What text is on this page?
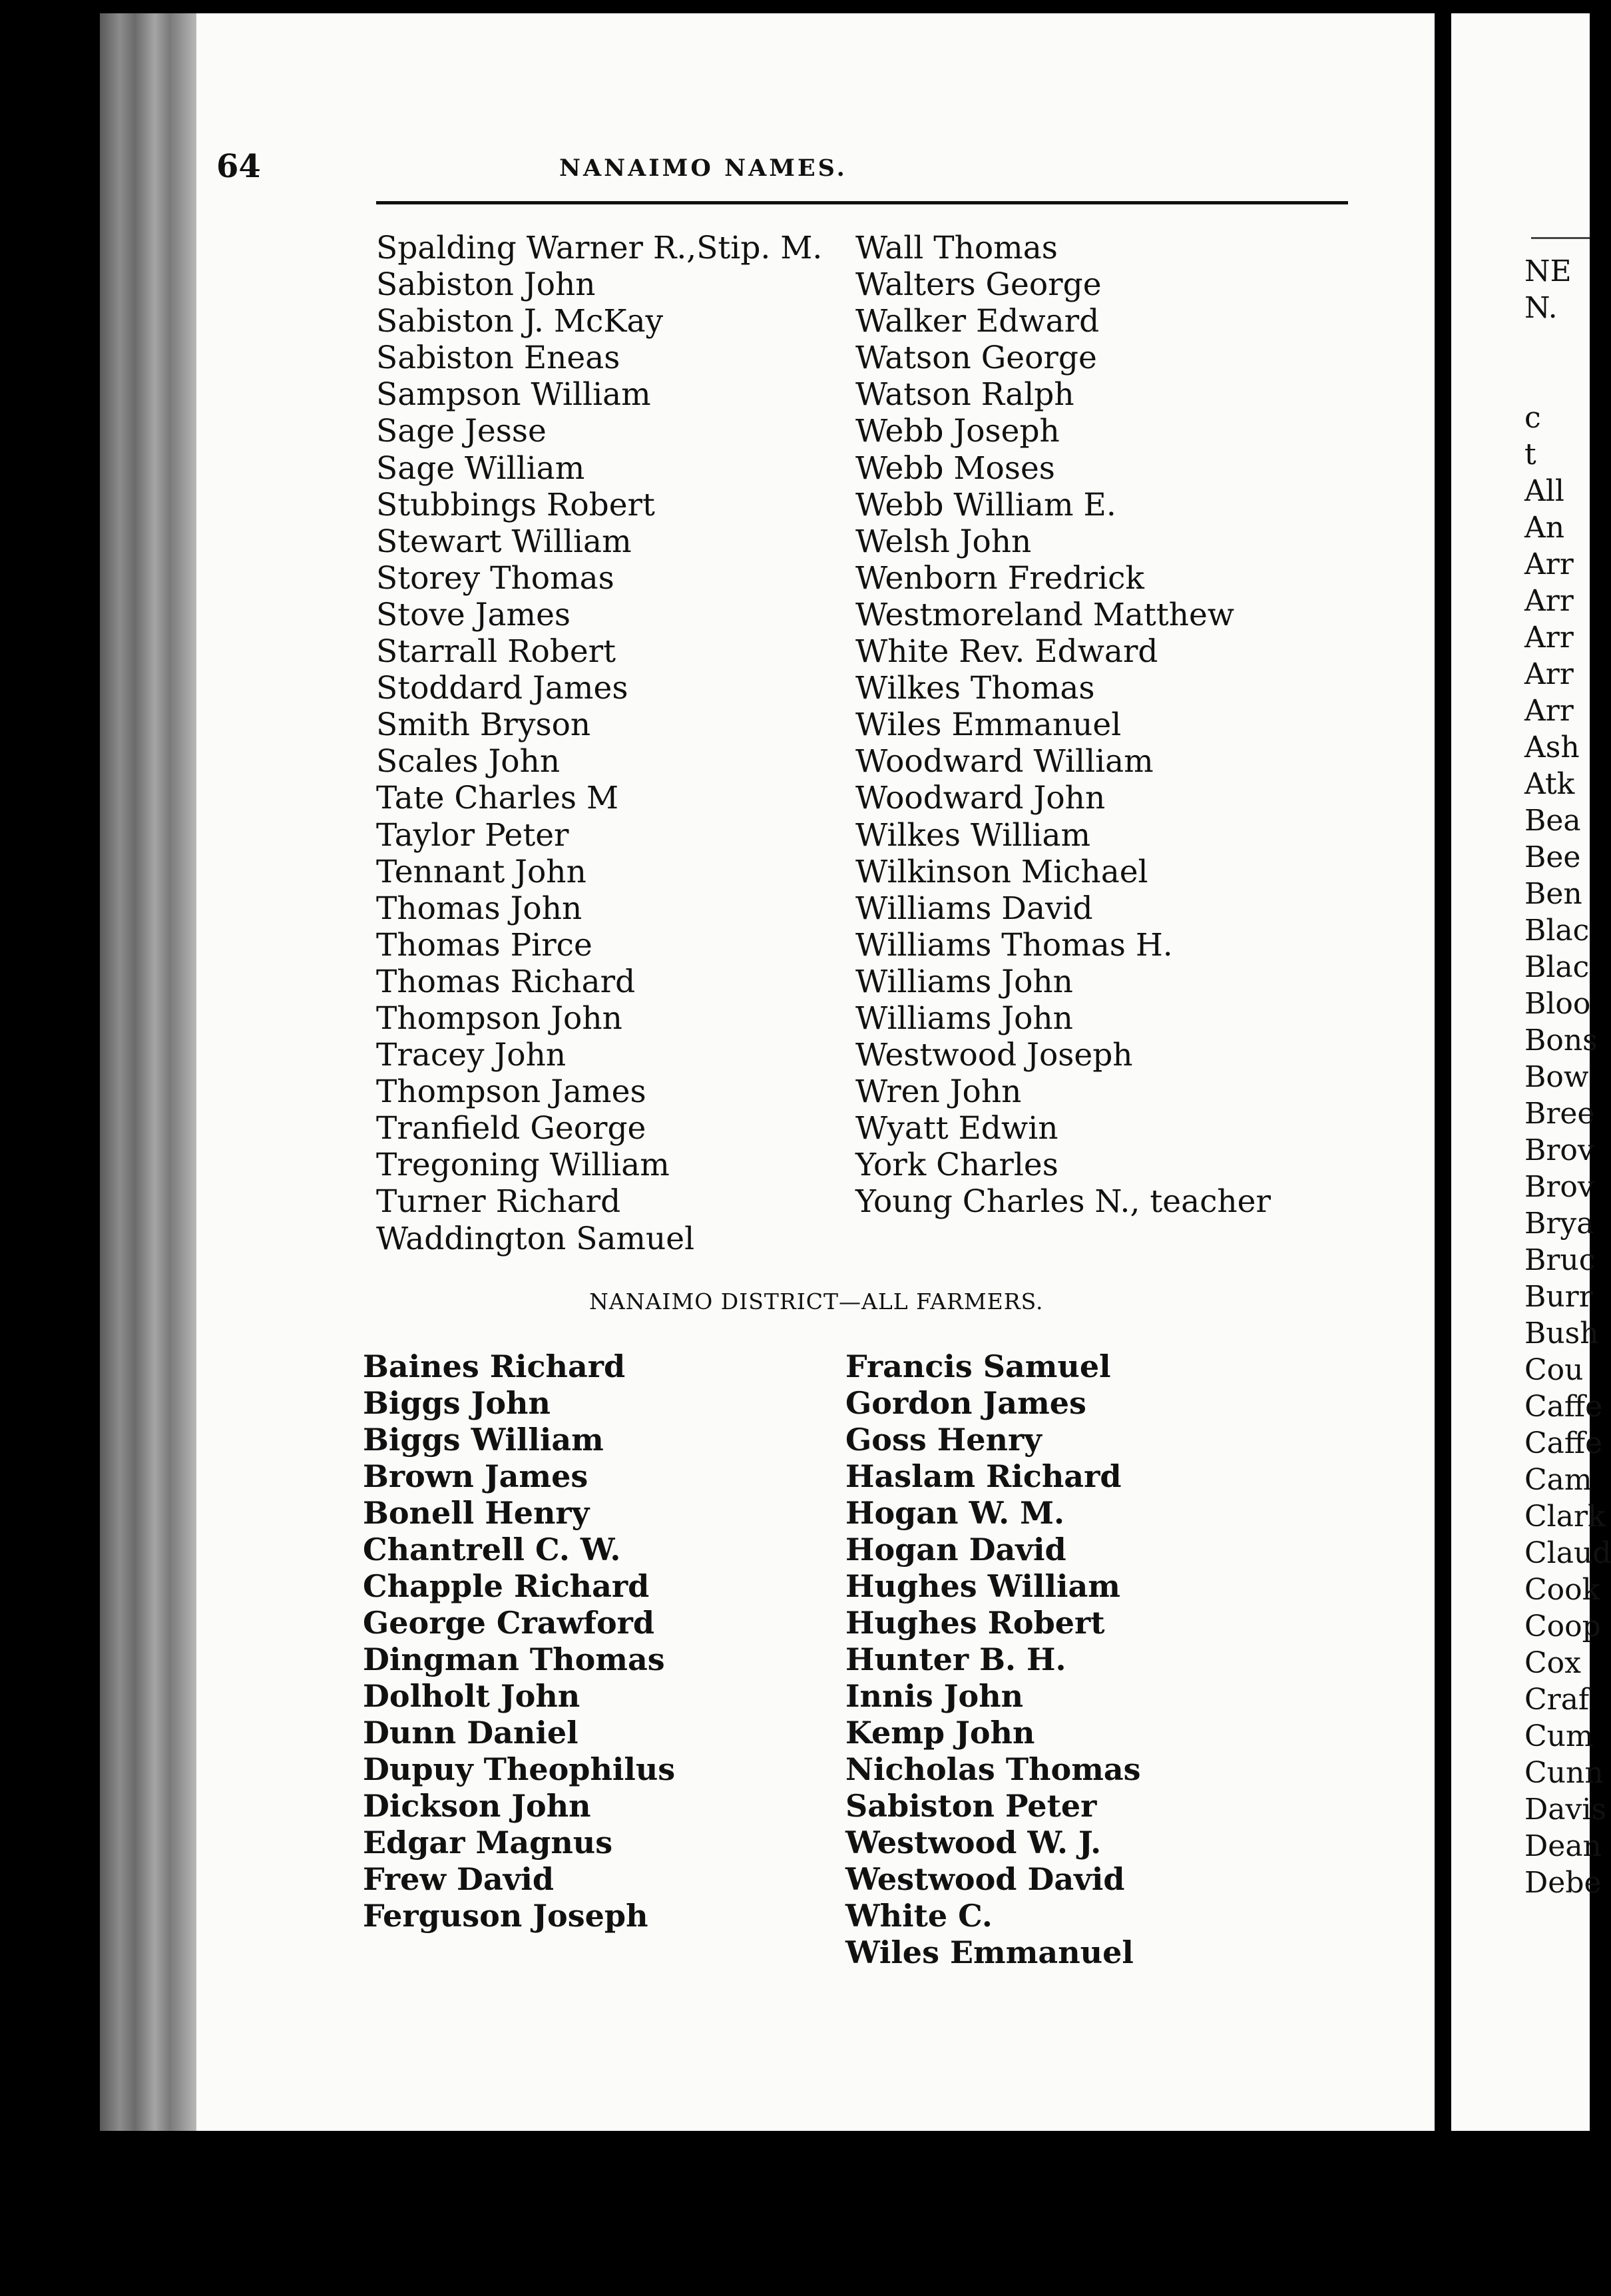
64	NANAIMO NAMES.
Spalding Warner R.,Stip. M.
Sabiston John
Sabiston J. McKay
Sabiston Eneas
Sampson William
Sage Jesse
Sage William
Stubbings Robert
Stewart William
Storey Thomas
Stove James
Starrall Robert
Stoddard James
Smith Bryson
Scales John
Tate Charles M
Taylor Peter
Tennant John
Thomas John
Thomas Pirce
Thomas Richard
Thompson John
Tracey John
Thompson James
Tranfield George
Tregoning William
Turner Richard
Waddington Samuel
Wall Thomas
Walters George
Walker Edward
Watson George
Watson Ralph
Webb Joseph
Webb Moses
Webb William E.
Welsh John
Wenborn Fredrick
Westmoreland Matthew
White Rev. Edward
Wilkes Thomas
Wiles Emmanuel
Woodward William
Woodward John
Wilkes William
Wilkinson Michael
Williams David
Williams Thomas H.
Williams John
Williams John
Westwood Joseph
Wren John
Wyatt Edwin
York Charles
Young Charles N., teacher
NANAIMO DISTRICT—ALL FARMERS.
Baines Richard
Biggs John
Biggs William
Brown James
Bonell Henry
Chantrell C. W.
Chapple Richard
George Crawford
Dingman Thomas
Dolholt John
Dunn Daniel
Dupuy Theophilus
Dickson John
Edgar Magnus
Frew David
Ferguson Joseph
Francis Samuel
Gordon James
Goss Henry
Haslam Richard
Hogan W. M.
Hogan David
Hughes William
Hughes Robert
Hunter B. H.
Innis John
Kemp John
Nicholas Thomas
Sabiston Peter
Westwood W. J.
Westwood David
White C.
Wiles Emmanuel
NE
N.
c
t
All
An
Arr
Arr
Arr
Arr
Arr
Ash
Atk
Bea
Bee
Ben
Blac
Blac
Bloo
Bons
Bow
Bree
Brov
Brov
Brya
Bruc
Burr
Bush
Cou
Caffe
Caffe
Cam
Clark
Claud
Cook
Coop
Cox
Craf
Cum
Cunn
Davis
Dean
Debe
